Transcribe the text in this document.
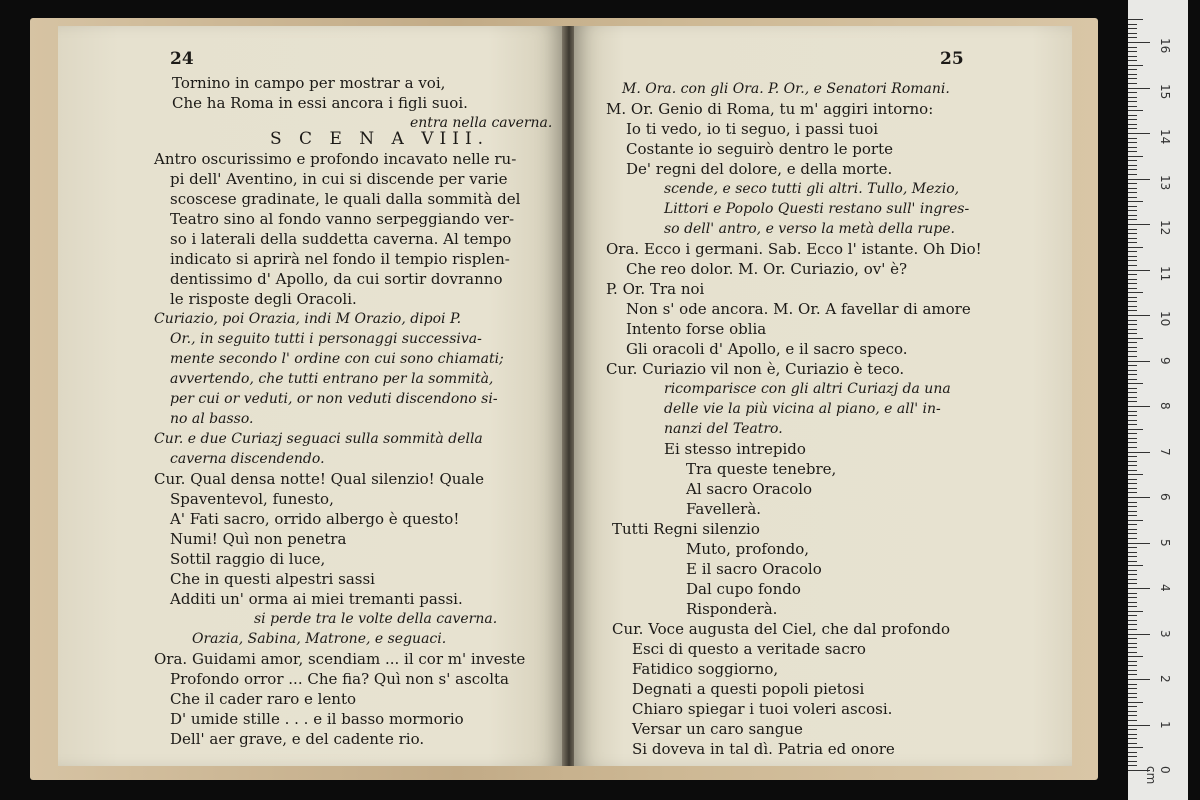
24
Tornino in campo per mostrar a voi,
Che ha Roma in essi ancora i figli suoi.
entra nella caverna.
S C E N A VIII.
Antro oscurissimo e profondo incavato nelle ru-
pi dell' Aventino, in cui si discende per varie
scoscese gradinate, le quali dalla sommità del
Teatro sino al fondo vanno serpeggiando ver-
so i laterali della suddetta caverna. Al tempo
indicato si aprirà nel fondo il tempio risplen-
dentissimo d' Apollo, da cui sortir dovranno
le risposte degli Oracoli.
Curiazio, poi Orazia, indi M Orazio, dipoi P.
Or., in seguito tutti i personaggi successiva-
mente secondo l' ordine con cui sono chiamati;
avvertendo, che tutti entrano per la sommità,
per cui or veduti, or non veduti discendono si-
no al basso.
Cur. e due Curiazj seguaci sulla sommità della
caverna discendendo.
Cur. Qual densa notte! Qual silenzio! Quale
Spaventevol, funesto,
A' Fati sacro, orrido albergo è questo!
Numi! Quì non penetra
Sottil raggio di luce,
Che in questi alpestri sassi
Additi un' orma ai miei tremanti passi.
si perde tra le volte della caverna.
Orazia, Sabina, Matrone, e seguaci.
Ora. Guidami amor, scendiam ... il cor m' investe
Profondo orror ... Che fia? Quì non s' ascolta
Che il cader raro e lento
D' umide stille . . . e il basso mormorio
Dell' aer grave, e del cadente rio.
25
M. Ora. con gli Ora. P. Or., e Senatori Romani.
M. Or. Genio di Roma, tu m' aggiri intorno:
Io ti vedo, io ti seguo, i passi tuoi
Costante io seguirò dentro le porte
De' regni del dolore, e della morte.
scende, e seco tutti gli altri. Tullo, Mezio,
Littori e Popolo Questi restano sull' ingres-
so dell' antro, e verso la metà della rupe.
Ora. Ecco i germani. Sab. Ecco l' istante. Oh Dio!
Che reo dolor. M. Or. Curiazio, ov' è?
P. Or. Tra noi
Non s' ode ancora. M. Or. A favellar di amore
Intento forse oblia
Gli oracoli d' Apollo, e il sacro speco.
Cur. Curiazio vil non è, Curiazio è teco.
ricomparisce con gli altri Curiazj da una
delle vie la più vicina al piano, e all' in-
nanzi del Teatro.
Ei stesso intrepido
Tra queste tenebre,
Al sacro Oracolo
Favellerà.
Tutti Regni silenzio
Muto, profondo,
E il sacro Oracolo
Dal cupo fondo
Risponderà.
Cur. Voce augusta del Ciel, che dal profondo
Esci di questo a veritade sacro
Fatidico soggiorno,
Degnati a questi popoli pietosi
Chiaro spiegar i tuoi voleri ascosi.
Versar un caro sangue
Si doveva in tal dì. Patria ed onore
0 cm
1
2
3
4
5
6
7
8
9
10
11
12
13
14
15
16
